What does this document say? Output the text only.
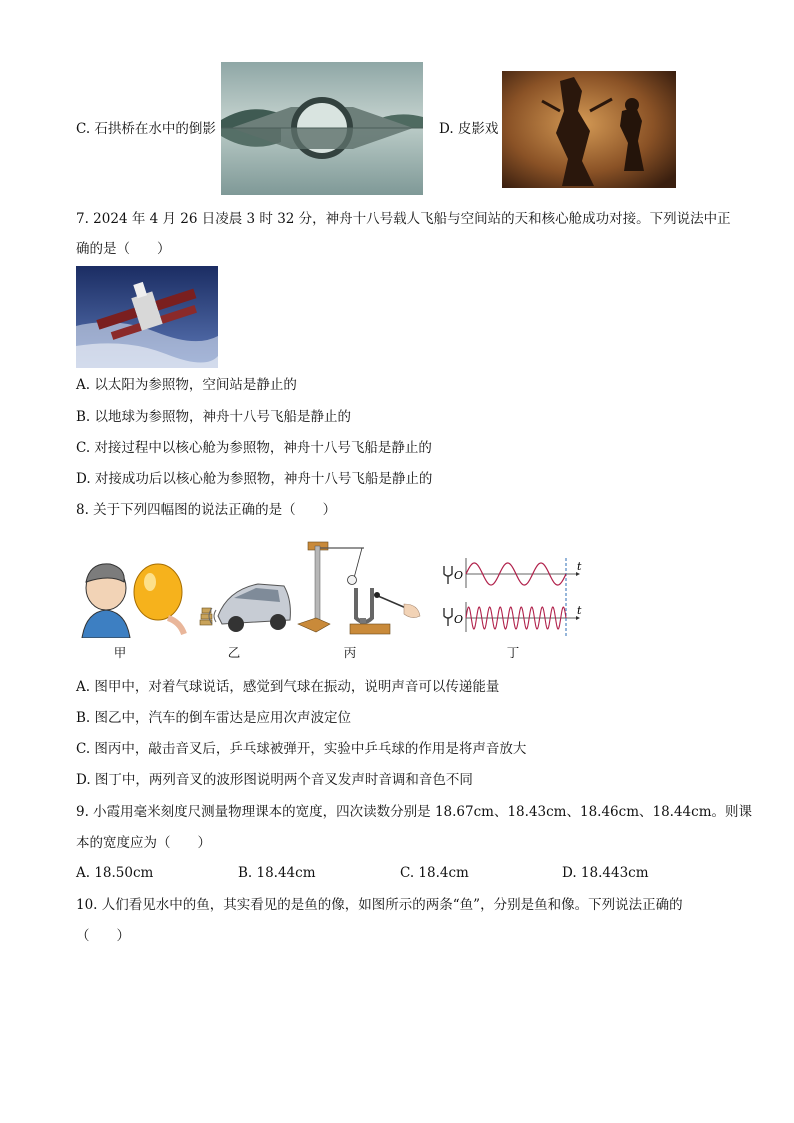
C. 石拱桥在水中的倒影	D. 皮影戏
7. 2024 年 4 月 26 日凌晨 3 时 32 分，神舟十八号载人飞船与空间站的天和核心舱成功对接。下列说法中正
确的是（　　）
A. 以太阳为参照物，空间站是静止的
B. 以地球为参照物，神舟十八号飞船是静止的
C. 对接过程中以核心舱为参照物，神舟十八号飞船是静止的
D. 对接成功后以核心舱为参照物，神舟十八号飞船是静止的
8. 关于下列四幅图的说法正确的是（　　）
甲	乙	丙
O
O
t
t
丁
A. 图甲中，对着气球说话，感觉到气球在振动，说明声音可以传递能量
B. 图乙中，汽车的倒车雷达是应用次声波定位
C. 图丙中，敲击音叉后，乒乓球被弹开，实验中乒乓球的作用是将声音放大
D. 图丁中，两列音叉的波形图说明两个音叉发声时音调和音色不同
9. 小霞用毫米刻度尺测量物理课本的宽度，四次读数分别是 18.67cm、18.43cm、18.46cm、18.44cm。则课
本的宽度应为（　　）
A. 18.50cm	B. 18.44cm	C. 18.4cm	D. 18.443cm
10. 人们看见水中的鱼，其实看见的是鱼的像，如图所示的两条“鱼”，分别是鱼和像。下列说法正确的
（　　）
